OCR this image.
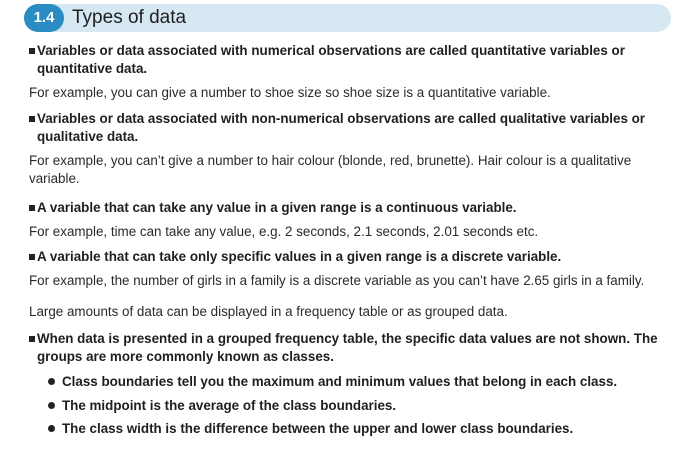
1.4 Types of data
Variables or data associated with numerical observations are called quantitative variables or quantitative data.
For example, you can give a number to shoe size so shoe size is a quantitative variable.
Variables or data associated with non-numerical observations are called qualitative variables or qualitative data.
For example, you can’t give a number to hair colour (blonde, red, brunette). Hair colour is a qualitative variable.
A variable that can take any value in a given range is a continuous variable.
For example, time can take any value, e.g. 2 seconds, 2.1 seconds, 2.01 seconds etc.
A variable that can take only specific values in a given range is a discrete variable.
For example, the number of girls in a family is a discrete variable as you can’t have 2.65 girls in a family.
Large amounts of data can be displayed in a frequency table or as grouped data.
When data is presented in a grouped frequency table, the specific data values are not shown. The groups are more commonly known as classes.
Class boundaries tell you the maximum and minimum values that belong in each class.
The midpoint is the average of the class boundaries.
The class width is the difference between the upper and lower class boundaries.
